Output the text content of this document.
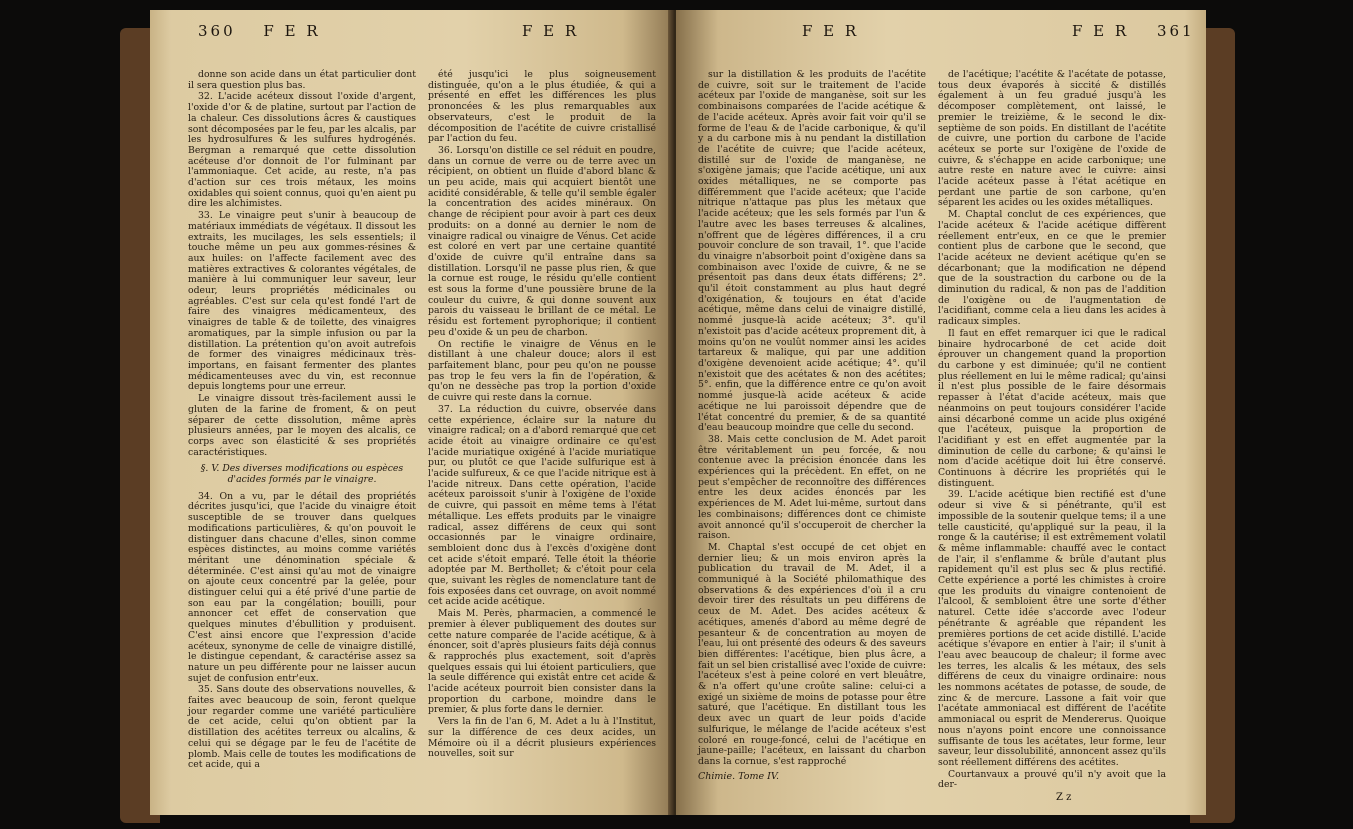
360 F E R	F E R

donne son acide dans un état particulier dont il sera question plus bas.

32. L'acide acéteux dissout l'oxide d'argent, l'oxide d'or & de platine, surtout par l'action de la chaleur. Ces dissolutions âcres & caustiques sont décomposées par le feu, par les alcalis, par les hydrosulfures & les sulfures hydrogénés. Bergman a remarqué que cette dissolution acéteuse d'or donnoit de l'or fulminant par l'ammoniaque. Cet acide, au reste, n'a pas d'action sur ces trois métaux, les moins oxidables qui soient connus, quoi qu'en aient pu dire les alchimistes.

33. Le vinaigre peut s'unir à beaucoup de matériaux immédiats de végétaux. Il dissout les extraits, les mucilages, les sels essentiels; il touche même un peu aux gommes-résines & aux huiles: on l'affecte facilement avec des matières extractives & colorantes végétales, de manière à lui communiquer leur saveur, leur odeur, leurs propriétés médicinales ou agréables. C'est sur cela qu'est fondé l'art de faire des vinaigres médicamenteux, des vinaigres de table & de toilette, des vinaigres aromatiques, par la simple infusion ou par la distillation. La prétention qu'on avoit autrefois de former des vinaigres médicinaux très-importans, en faisant fermenter des plantes médicamenteuses avec du vin, est reconnue depuis longtems pour une erreur.

Le vinaigre dissout très-facilement aussi le gluten de la farine de froment, & on peut séparer de cette dissolution, même après plusieurs années, par le moyen des alcalis, ce corps avec son élasticité & ses propriétés caractéristiques.

§. V. Des diverses modifications ou espèces d'acides formés par le vinaigre.

34. On a vu, par le détail des propriétés décrites jusqu'ici, que l'acide du vinaigre étoit susceptible de se trouver dans quelques modifications particulières, & qu'on pouvoit le distinguer dans chacune d'elles, sinon comme espèces distinctes, au moins comme variétés méritant une dénomination spéciale & déterminée. C'est ainsi qu'au mot de vinaigre on ajoute ceux concentré par la gelée, pour distinguer celui qui a été privé d'une partie de son eau par la congélation; bouilli, pour annoncer cet effet de conservation que quelques minutes d'ébullition y produisent. C'est ainsi encore que l'expression d'acide acéteux, synonyme de celle de vinaigre distillé, le distingue cependant, & caractérise assez sa nature un peu différente pour ne laisser aucun sujet de confusion entr'eux.

35. Sans doute des observations nouvelles, & faites avec beaucoup de soin, feront quelque jour regarder comme une variété particulière de cet acide, celui qu'on obtient par la distillation des acétites terreux ou alcalins, & celui qui se dégage par le feu de l'acétite de plomb. Mais celle de toutes les modifications de cet acide, qui a

été jusqu'ici le plus soigneusement distinguée, qu'on a le plus étudiée, & qui a présenté en effet les différences les plus prononcées & les plus remarquables aux observateurs, c'est le produit de la décomposition de l'acétite de cuivre cristallisé par l'action du feu.

36. Lorsqu'on distille ce sel réduit en poudre, dans un cornue de verre ou de terre avec un récipient, on obtient un fluide d'abord blanc & un peu acide, mais qui acquiert bientôt une acidité considérable, & telle qu'il semble égaler la concentration des acides minéraux. On change de récipient pour avoir à part ces deux produits: on a donné au dernier le nom de vinaigre radical ou vinaigre de Vénus. Cet acide est coloré en vert par une certaine quantité d'oxide de cuivre qu'il entraîne dans sa distillation. Lorsqu'il ne passe plus rien, & que la cornue est rouge, le résidu qu'elle contient est sous la forme d'une poussière brune de la couleur du cuivre, & qui donne souvent aux parois du vaisseau le brillant de ce métal. Le résidu est fortement pyrophorique; il contient peu d'oxide & un peu de charbon.

On rectifie le vinaigre de Vénus en le distillant à une chaleur douce; alors il est parfaitement blanc, pour peu qu'on ne pousse pas trop le feu vers la fin de l'opération, & qu'on ne dessèche pas trop la portion d'oxide de cuivre qui reste dans la cornue.

37. La réduction du cuivre, observée dans cette expérience, éclaire sur la nature du vinaigre radical; on a d'abord remarqué que cet acide étoit au vinaigre ordinaire ce qu'est l'acide muriatique oxigéné à l'acide muriatique pur, ou plutôt ce que l'acide sulfurique est à l'acide sulfureux, & ce que l'acide nitrique est à l'acide nitreux. Dans cette opération, l'acide acéteux paroissoit s'unir à l'oxigène de l'oxide de cuivre, qui passoit en même tems à l'état métallique. Les effets produits par le vinaigre radical, assez différens de ceux qui sont occasionnés par le vinaigre ordinaire, sembloient donc dus à l'excès d'oxigène dont cet acide s'étoit emparé. Telle étoit la théorie adoptée par M. Berthollet; & c'étoit pour cela que, suivant les règles de nomenclature tant de fois exposées dans cet ouvrage, on avoit nommé cet acide acide acétique.

Mais M. Perès, pharmacien, a commencé le premier à élever publiquement des doutes sur cette nature comparée de l'acide acétique, & à énoncer, soit d'après plusieurs faits déjà connus & rapprochés plus exactement, soit d'après quelques essais qui lui étoient particuliers, que la seule différence qui existât entre cet acide & l'acide acéteux pourroit bien consister dans la proportion du carbone, moindre dans le premier, & plus forte dans le dernier.

Vers la fin de l'an 6, M. Adet a lu à l'Institut, sur la différence de ces deux acides, un Mémoire où il a décrit plusieurs expériences nouvelles, soit sur

F E R	F E R 361

sur la distillation & les produits de l'acétite de cuivre, soit sur le traitement de l'acide acéteux par l'oxide de manganèse, soit sur les combinaisons comparées de l'acide acétique & de l'acide acéteux. Après avoir fait voir qu'il se forme de l'eau & de l'acide carbonique, & qu'il y a du carbone mis à nu pendant la distillation de l'acétite de cuivre; que l'acide acéteux, distillé sur de l'oxide de manganèse, ne s'oxigène jamais; que l'acide acétique, uni aux oxides métalliques, ne se comporte pas différemment que l'acide acéteux; que l'acide nitrique n'attaque pas plus les métaux que l'acide acéteux; que les sels formés par l'un & l'autre avec les bases terreuses & alcalines, n'offrent que de légères différences, il a cru pouvoir conclure de son travail, 1°. que l'acide du vinaigre n'absorboit point d'oxigène dans sa combinaison avec l'oxide de cuivre, & ne se présentoit pas dans deux états différens; 2°. qu'il étoit constamment au plus haut degré d'oxigénation, & toujours en état d'acide acétique, même dans celui de vinaigre distillé, nommé jusque-là acide acéteux; 3°. qu'il n'existoit pas d'acide acéteux proprement dit, à moins qu'on ne voulût nommer ainsi les acides tartareux & malique, qui par une addition d'oxigène devenoient acide acétique; 4°. qu'il n'existoit que des acétates & non des acétites; 5°. enfin, que la différence entre ce qu'on avoit nommé jusque-là acide acéteux & acide acétique ne lui paroissoit dépendre que de l'état concentré du premier, & de sa quantité d'eau beaucoup moindre que celle du second.

38. Mais cette conclusion de M. Adet paroit être véritablement un peu forcée, & nou contenue avec la précision énoncée dans les expériences qui la précèdent. En effet, on ne peut s'empêcher de reconnoître des différences entre les deux acides énoncés par les expériences de M. Adet lui-même, surtout dans les combinaisons; différences dont ce chimiste avoit annoncé qu'il s'occuperoit de chercher la raison.

M. Chaptal s'est occupé de cet objet en dernier lieu; & un mois environ après la publication du travail de M. Adet, il a communiqué à la Société philomathique des observations & des expériences d'où il a cru devoir tirer des résultats un peu différens de ceux de M. Adet. Des acides acéteux & acétiques, amenés d'abord au même degré de pesanteur & de concentration au moyen de l'eau, lui ont présenté des odeurs & des saveurs bien différentes: l'acétique, bien plus âcre, a fait un sel bien cristallisé avec l'oxide de cuivre: l'acéteux s'est à peine coloré en vert bleuâtre, & n'a offert qu'une croûte saline: celui-ci a exigé un sixième de moins de potasse pour être saturé, que l'acétique. En distillant tous les deux avec un quart de leur poids d'acide sulfurique, le mélange de l'acide acéteux s'est coloré en rouge-foncé, celui de l'acétique en jaune-paille; l'acéteux, en laissant du charbon dans la cornue, s'est rapproché

Chimie. Tome IV.

de l'acétique; l'acétite & l'acétate de potasse, tous deux évaporés à siccité & distillés également à un feu gradué jusqu'à les décomposer complètement, ont laissé, le premier le treizième, & le second le dix-septième de son poids. En distillant de l'acétite de cuivre, une portion du carbone de l'acide acéteux se porte sur l'oxigène de l'oxide de cuivre, & s'échappe en acide carbonique; une autre reste en nature avec le cuivre: ainsi l'acide acéteux passe à l'état acétique en perdant une partie de son carbone, qu'en séparent les acides ou les oxides métalliques.

M. Chaptal conclut de ces expériences, que l'acide acéteux & l'acide acétique diffèrent réellement entr'eux, en ce que le premier contient plus de carbone que le second, que l'acide acéteux ne devient acétique qu'en se décarbonant; que la modification ne dépend que de la soustraction du carbone ou de la diminution du radical, & non pas de l'addition de l'oxigène ou de l'augmentation de l'acidifiant, comme cela a lieu dans les acides à radicaux simples.

Il faut en effet remarquer ici que le radical binaire hydrocarboné de cet acide doit éprouver un changement quand la proportion du carbone y est diminuée; qu'il ne contient plus réellement en lui le même radical; qu'ainsi il n'est plus possible de le faire désormais repasser à l'état d'acide acéteux, mais que néanmoins on peut toujours considérer l'acide ainsi décarboné comme un acide plus oxigéné que l'acéteux, puisque la proportion de l'acidifiant y est en effet augmentée par la diminution de celle du carbone; & qu'ainsi le nom d'acide acétique doit lui être conservé. Continuons à décrire les propriétés qui le distinguent.

39. L'acide acétique bien rectifié est d'une odeur si vive & si pénétrante, qu'il est impossible de la soutenir quelque tems; il a une telle causticité, qu'appliqué sur la peau, il la ronge & la cautérise; il est extrêmement volatil & même inflammable: chauffé avec le contact de l'air, il s'enflamme & brûle d'autant plus rapidement qu'il est plus sec & plus rectifié. Cette expérience a porté les chimistes à croire que les produits du vinaigre contenoient de l'alcool, & sembloient être une sorte d'éther naturel. Cette idée s'accorde avec l'odeur pénétrante & agréable que répandent les premières portions de cet acide distillé. L'acide acétique s'évapore en entier à l'air; il s'unit à l'eau avec beaucoup de chaleur; il forme avec les terres, les alcalis & les métaux, des sels différens de ceux du vinaigre ordinaire: nous les nommons acétates de potasse, de soude, de zinc & de mercure. Lassone a fait voir que l'acétate ammoniacal est différent de l'acétite ammoniacal ou esprit de Mendererus. Quoique nous n'ayons point encore une connoissance suffisante de tous les acétates, leur forme, leur saveur, leur dissolubilité, annoncent assez qu'ils sont réellement différens des acétites.

Courtanvaux a prouvé qu'il n'y avoit que la der-

Z z
